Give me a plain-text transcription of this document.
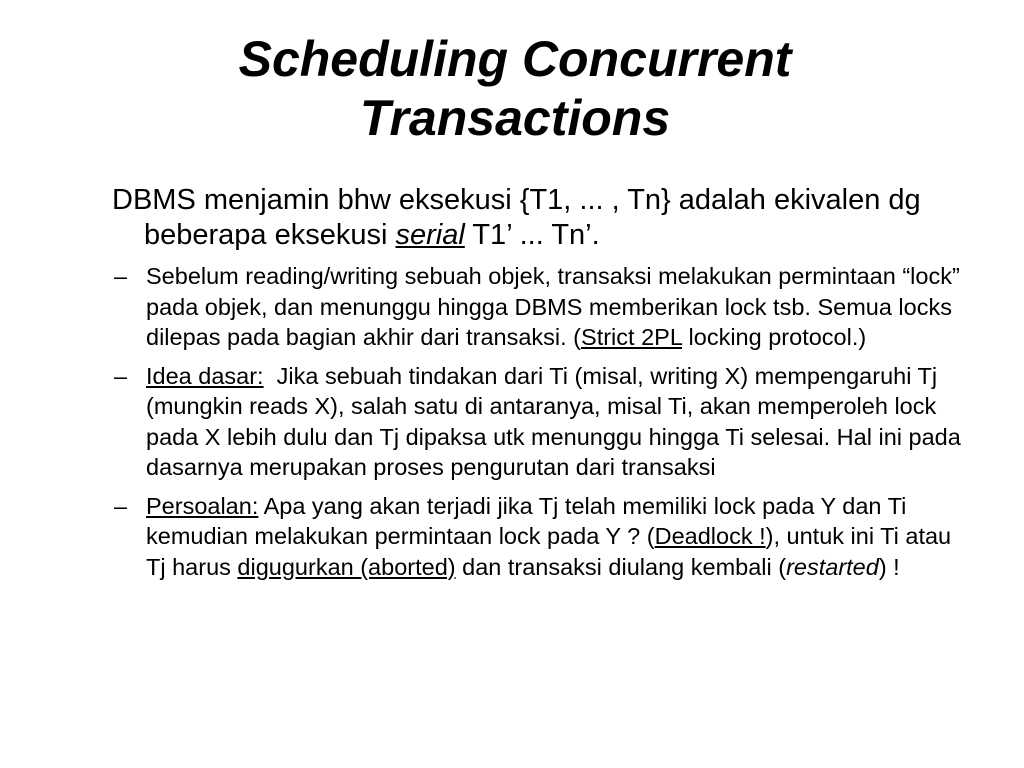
Scheduling Concurrent
Transactions

DBMS menjamin bhw eksekusi {T1, ... , Tn} adalah ekivalen dg beberapa eksekusi serial T1’ ... Tn’.

– Sebelum reading/writing sebuah objek, transaksi melakukan permintaan “lock” pada objek, dan menunggu hingga DBMS memberikan lock tsb. Semua locks dilepas pada bagian akhir dari transaksi. (Strict 2PL locking protocol.)

– Idea dasar:  Jika sebuah tindakan dari Ti (misal, writing X) mempengaruhi Tj (mungkin reads X), salah satu di antaranya, misal Ti, akan memperoleh lock pada X lebih dulu dan Tj dipaksa utk menunggu hingga Ti selesai. Hal ini pada dasarnya merupakan proses pengurutan dari transaksi

– Persoalan: Apa yang akan terjadi jika Tj telah memiliki lock pada Y dan Ti kemudian melakukan permintaan lock pada Y ? (Deadlock !), untuk ini Ti atau Tj harus digugurkan (aborted) dan transaksi diulang kembali (restarted) !
